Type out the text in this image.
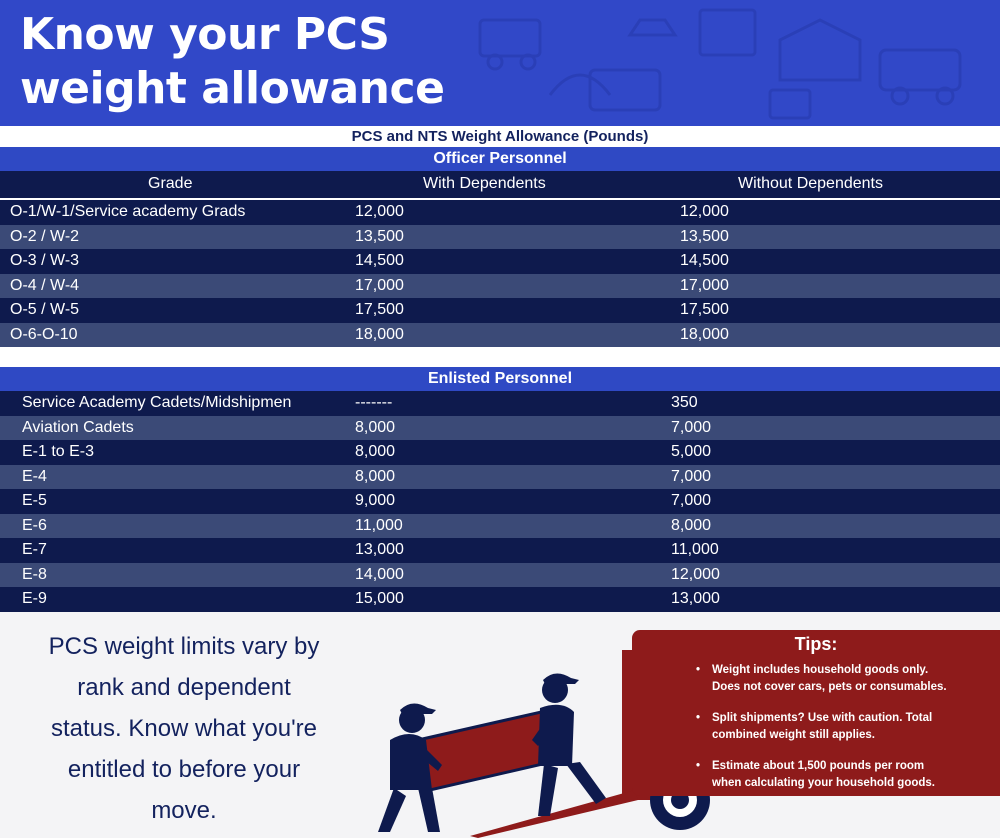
Know your PCS
weight allowance
PCS and NTS Weight Allowance (Pounds)
Officer Personnel
Grade	With Dependents	Without Dependents
O-1/W-1/Service academy Grads	12,000	12,000
O-2 / W-2	13,500	13,500
O-3 / W-3	14,500	14,500
O-4 / W-4	17,000	17,000
O-5 / W-5	17,500	17,500
O-6-O-10	18,000	18,000
Enlisted Personnel
Service Academy Cadets/Midshipmen	-------	350
Aviation Cadets	8,000	7,000
E-1 to E-3	8,000	5,000
E-4	8,000	7,000
E-5	9,000	7,000
E-6	11,000	8,000
E-7	13,000	11,000
E-8	14,000	12,000
E-9	15,000	13,000
PCS weight limits vary by
rank and dependent
status. Know what you're
entitled to before your
move.
Tips:
• Weight includes household goods only.
Does not cover cars, pets or consumables.
• Split shipments? Use with caution. Total
combined weight still applies.
• Estimate about 1,500 pounds per room
when calculating your household goods.
